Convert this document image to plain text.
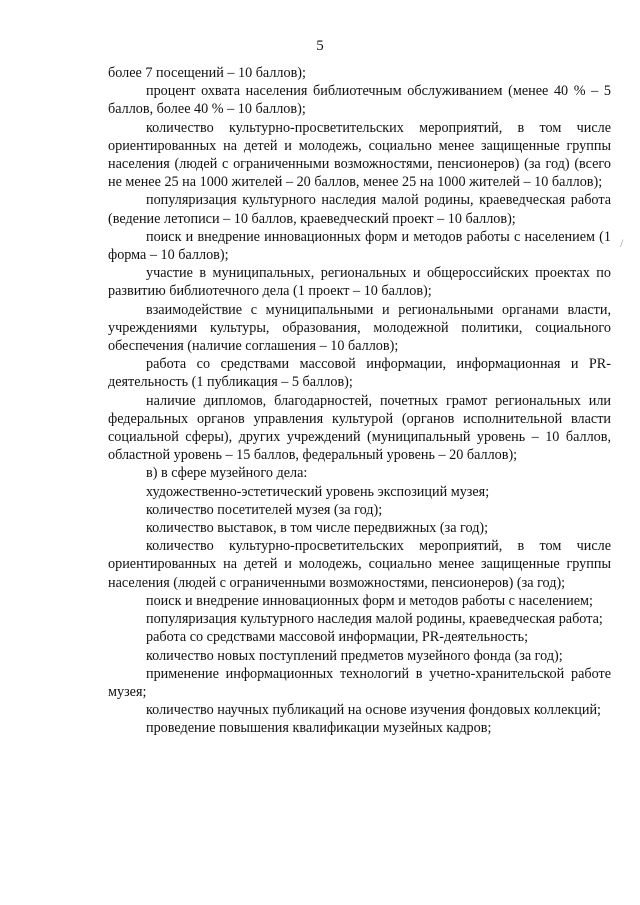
5

более 7 посещений – 10 баллов);

процент охвата населения библиотечным обслуживанием (менее 40 % – 5 баллов, более 40 % – 10 баллов);

количество культурно-просветительских мероприятий, в том числе ориентированных на детей и молодежь, социально менее защищенные группы населения (людей с ограниченными возможностями, пенсионеров) (за год) (всего не менее 25 на 1000 жителей – 20 баллов, менее 25 на 1000 жителей – 10 баллов);

популяризация культурного наследия малой родины, краеведческая работа (ведение летописи – 10 баллов, краеведческий проект – 10 баллов);

поиск и внедрение инновационных форм и методов работы с населением (1 форма – 10 баллов);

участие в муниципальных, региональных и общероссийских проектах по развитию библиотечного дела (1 проект – 10 баллов);

взаимодействие с муниципальными и региональными органами власти, учреждениями культуры, образования, молодежной политики, социального обеспечения (наличие соглашения – 10 баллов);

работа со средствами массовой информации, информационная и PR-деятельность (1 публикация – 5 баллов);

наличие дипломов, благодарностей, почетных грамот региональных или федеральных органов управления культурой (органов исполнительной власти социальной сферы), других учреждений (муниципальный уровень – 10 баллов, областной уровень – 15 баллов, федеральный уровень – 20 баллов);

в) в сфере музейного дела:

художественно-эстетический уровень экспозиций музея;

количество посетителей музея (за год);

количество выставок, в том числе передвижных (за год);

количество культурно-просветительских мероприятий, в том числе ориентированных на детей и молодежь, социально менее защищенные группы населения (людей с ограниченными возможностями, пенсионеров) (за год);

поиск и внедрение инновационных форм и методов работы с населением;

популяризация культурного наследия малой родины, краеведческая работа;

работа со средствами массовой информации, PR-деятельность;

количество новых поступлений предметов музейного фонда (за год);

применение информационных технологий в учетно-хранительской работе музея;

количество научных публикаций на основе изучения фондовых коллекций;

проведение повышения квалификации музейных кадров;

/
